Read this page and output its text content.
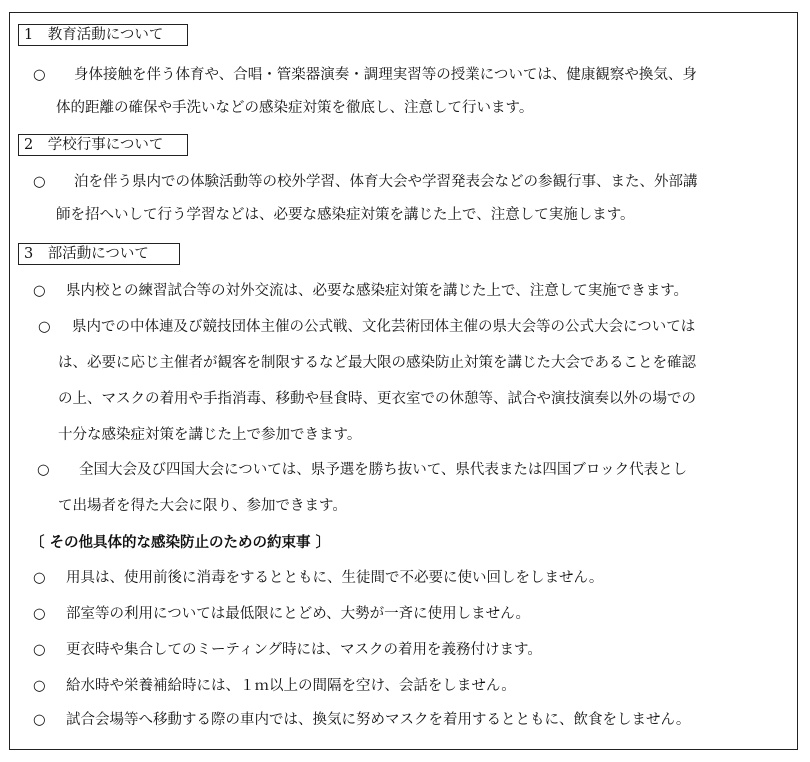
1　教育活動について
○ 身体接触を伴う体育や、合唱・管楽器演奏・調理実習等の授業については、健康観察や換気、身
体的距離の確保や手洗いなどの感染症対策を徹底し、注意して行います。
2　学校行事について
○ 泊を伴う県内での体験活動等の校外学習、体育大会や学習発表会などの参観行事、また、外部講
師を招へいして行う学習などは、必要な感染症対策を講じた上で、注意して実施します。
3　部活動について
○ 県内校との練習試合等の対外交流は、必要な感染症対策を講じた上で、注意して実施できます。
○ 県内での中体連及び競技団体主催の公式戦、文化芸術団体主催の県大会等の公式大会については
は、必要に応じ主催者が観客を制限するなど最大限の感染防止対策を講じた大会であることを確認
の上、マスクの着用や手指消毒、移動や昼食時、更衣室での休憩等、試合や演技演奏以外の場での
十分な感染症対策を講じた上で参加できます。
○ 全国大会及び四国大会については、県予選を勝ち抜いて、県代表または四国ブロック代表とし
て出場者を得た大会に限り、参加できます。
〔 その他具体的な感染防止のための約束事 〕
○ 用具は、使用前後に消毒をするとともに、生徒間で不必要に使い回しをしません。
○ 部室等の利用については最低限にとどめ、大勢が一斉に使用しません。
○ 更衣時や集合してのミーティング時には、マスクの着用を義務付けます。
○ 給水時や栄養補給時には、１ｍ以上の間隔を空け、会話をしません。
○ 試合会場等へ移動する際の車内では、換気に努めマスクを着用するとともに、飲食をしません。
